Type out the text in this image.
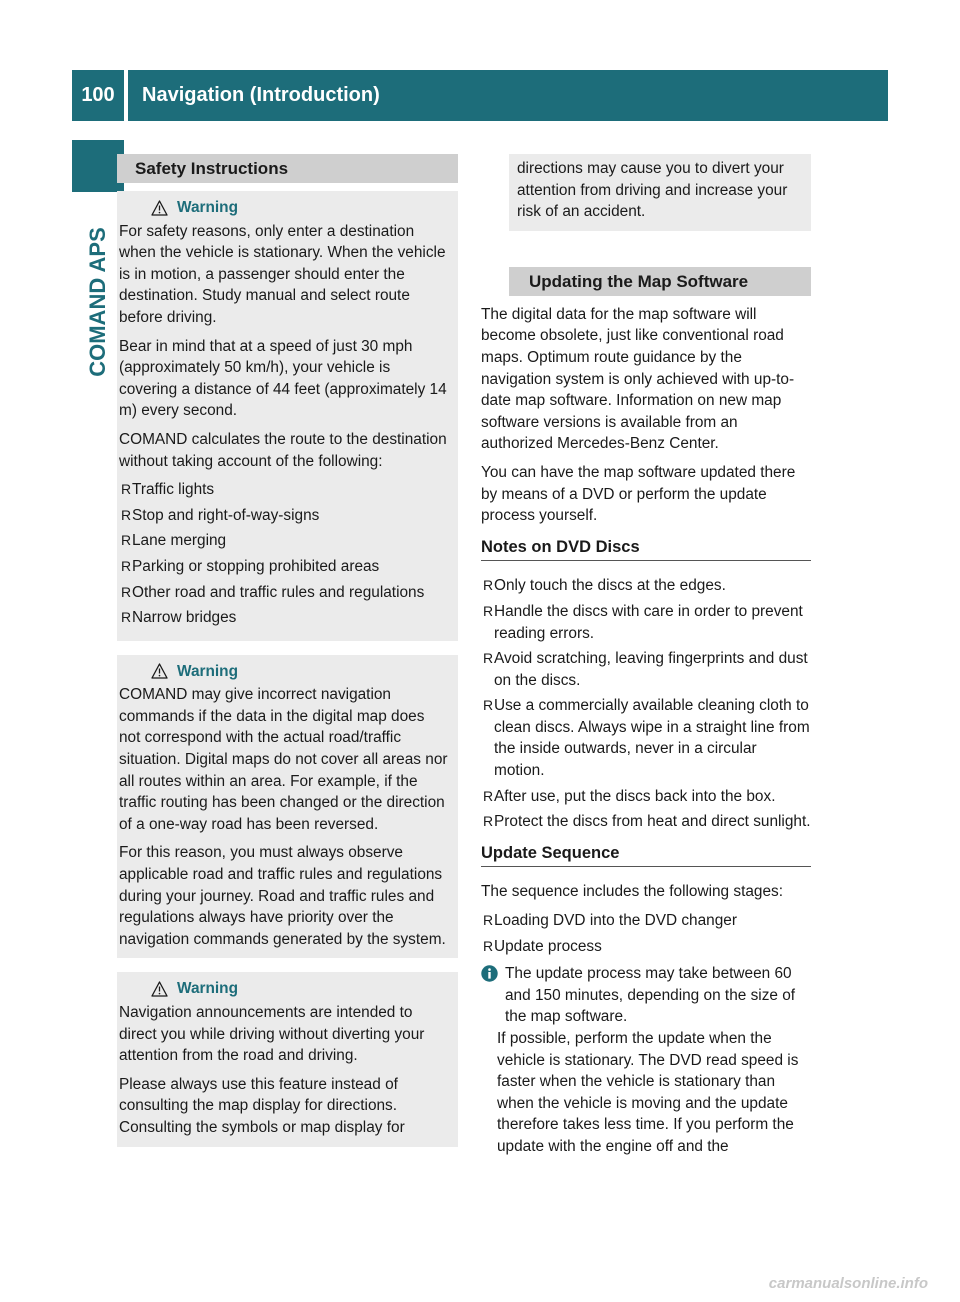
100	Navigation (Introduction)
COMAND APS
Safety Instructions
Warning

For safety reasons, only enter a destination when the vehicle is stationary. When the vehicle is in motion, a passenger should enter the destination. Study manual and select route before driving.

Bear in mind that at a speed of just 30 mph (approximately 50 km/h), your vehicle is covering a distance of 44 feet (approximately 14 m) every second.

COMAND calculates the route to the destination without taking account of the following:

R Traffic lights
R Stop and right-of-way-signs
R Lane merging
R Parking or stopping prohibited areas
R Other road and traffic rules and regulations
R Narrow bridges
Warning

COMAND may give incorrect navigation commands if the data in the digital map does not correspond with the actual road/traffic situation. Digital maps do not cover all areas nor all routes within an area. For example, if the traffic routing has been changed or the direction of a one-way road has been reversed.

For this reason, you must always observe applicable road and traffic rules and regulations during your journey. Road and traffic rules and regulations always have priority over the navigation commands generated by the system.

Warning

Navigation announcements are intended to direct you while driving without diverting your attention from the road and driving.

Please always use this feature instead of consulting the map display for directions. Consulting the symbols or map display for

directions may cause you to divert your attention from driving and increase your risk of an accident.

Updating the Map Software

The digital data for the map software will become obsolete, just like conventional road maps. Optimum route guidance by the navigation system is only achieved with up-to-date map software. Information on new map software versions is available from an authorized Mercedes-Benz Center.

You can have the map software updated there by means of a DVD or perform the update process yourself.

Notes on DVD Discs
R Only touch the discs at the edges.
R Handle the discs with care in order to prevent reading errors.
R Avoid scratching, leaving fingerprints and dust on the discs.
R Use a commercially available cleaning cloth to clean discs. Always wipe in a straight line from the inside outwards, never in a circular motion.
R After use, put the discs back into the box.
R Protect the discs from heat and direct sunlight.
Update Sequence

The sequence includes the following stages:

R Loading DVD into the DVD changer
R Update process

The update process may take between 60 and 150 minutes, depending on the size of the map software.

If possible, perform the update when the vehicle is stationary. The DVD read speed is faster when the vehicle is stationary than when the vehicle is moving and the update therefore takes less time. If you perform the update with the engine off and the

carmanualsonline.info
